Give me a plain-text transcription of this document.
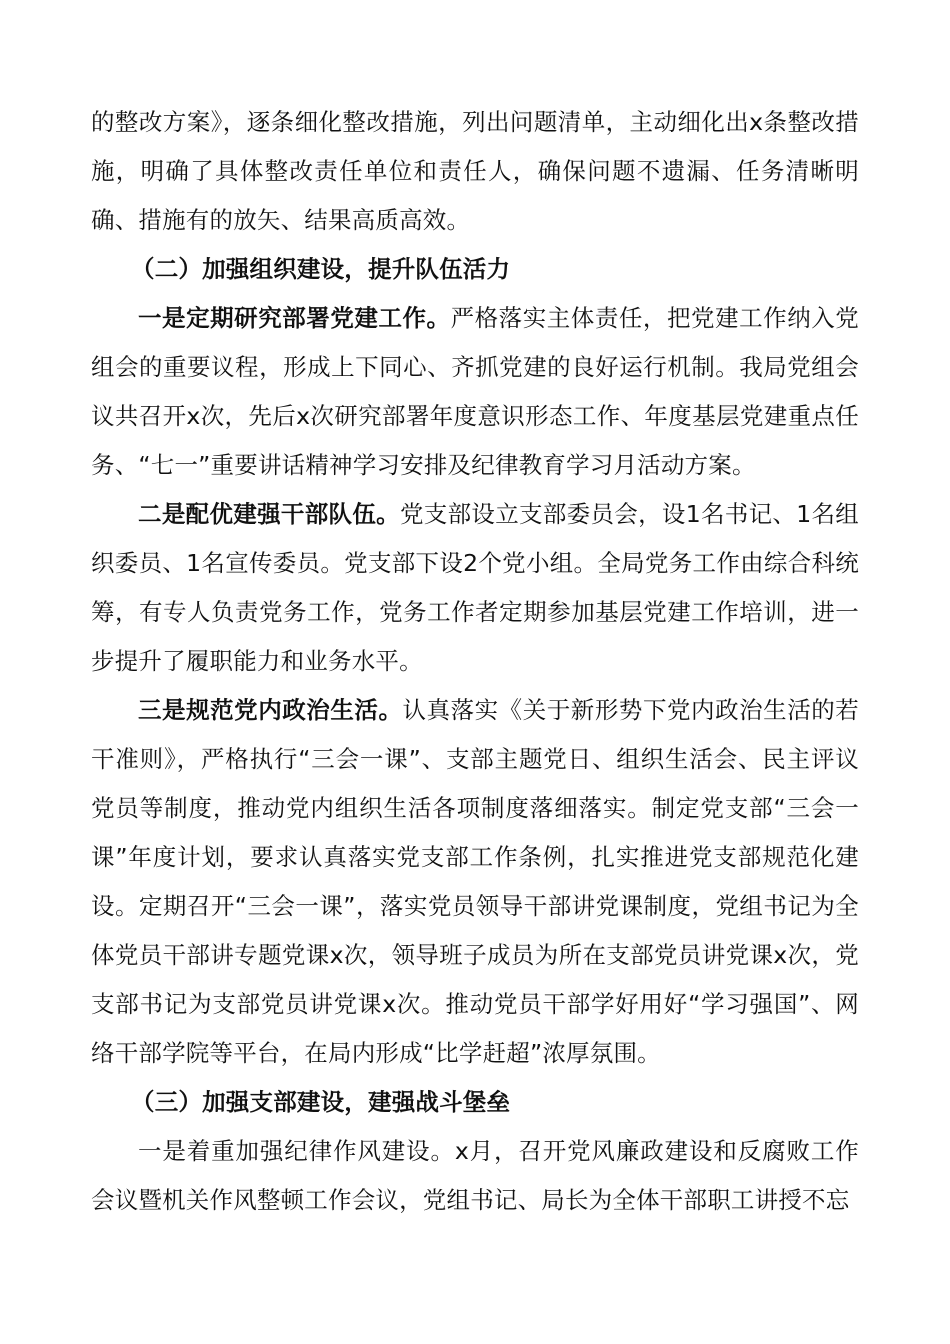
的整改方案》，逐条细化整改措施，列出问题清单，主动细化出x条整改措施，明确了具体整改责任单位和责任人，确保问题不遗漏、任务清晰明确、措施有的放矢、结果高质高效。

（二）加强组织建设，提升队伍活力

一是定期研究部署党建工作。严格落实主体责任，把党建工作纳入党组会的重要议程，形成上下同心、齐抓党建的良好运行机制。我局党组会议共召开x次，先后x次研究部署年度意识形态工作、年度基层党建重点任务、“七一”重要讲话精神学习安排及纪律教育学习月活动方案。

二是配优建强干部队伍。党支部设立支部委员会，设1名书记、1名组织委员、1名宣传委员。党支部下设2个党小组。全局党务工作由综合科统筹，有专人负责党务工作，党务工作者定期参加基层党建工作培训，进一步提升了履职能力和业务水平。

三是规范党内政治生活。认真落实《关于新形势下党内政治生活的若干准则》，严格执行“三会一课”、支部主题党日、组织生活会、民主评议党员等制度，推动党内组织生活各项制度落细落实。制定党支部“三会一课”年度计划，要求认真落实党支部工作条例，扎实推进党支部规范化建设。定期召开“三会一课”，落实党员领导干部讲党课制度，党组书记为全体党员干部讲专题党课x次，领导班子成员为所在支部党员讲党课x次，党支部书记为支部党员讲党课x次。推动党员干部学好用好“学习强国”、网络干部学院等平台，在局内形成“比学赶超”浓厚氛围。

（三）加强支部建设，建强战斗堡垒

一是着重加强纪律作风建设。x月，召开党风廉政建设和反腐败工作会议暨机关作风整顿工作会议，党组书记、局长为全体干部职工讲授不忘
